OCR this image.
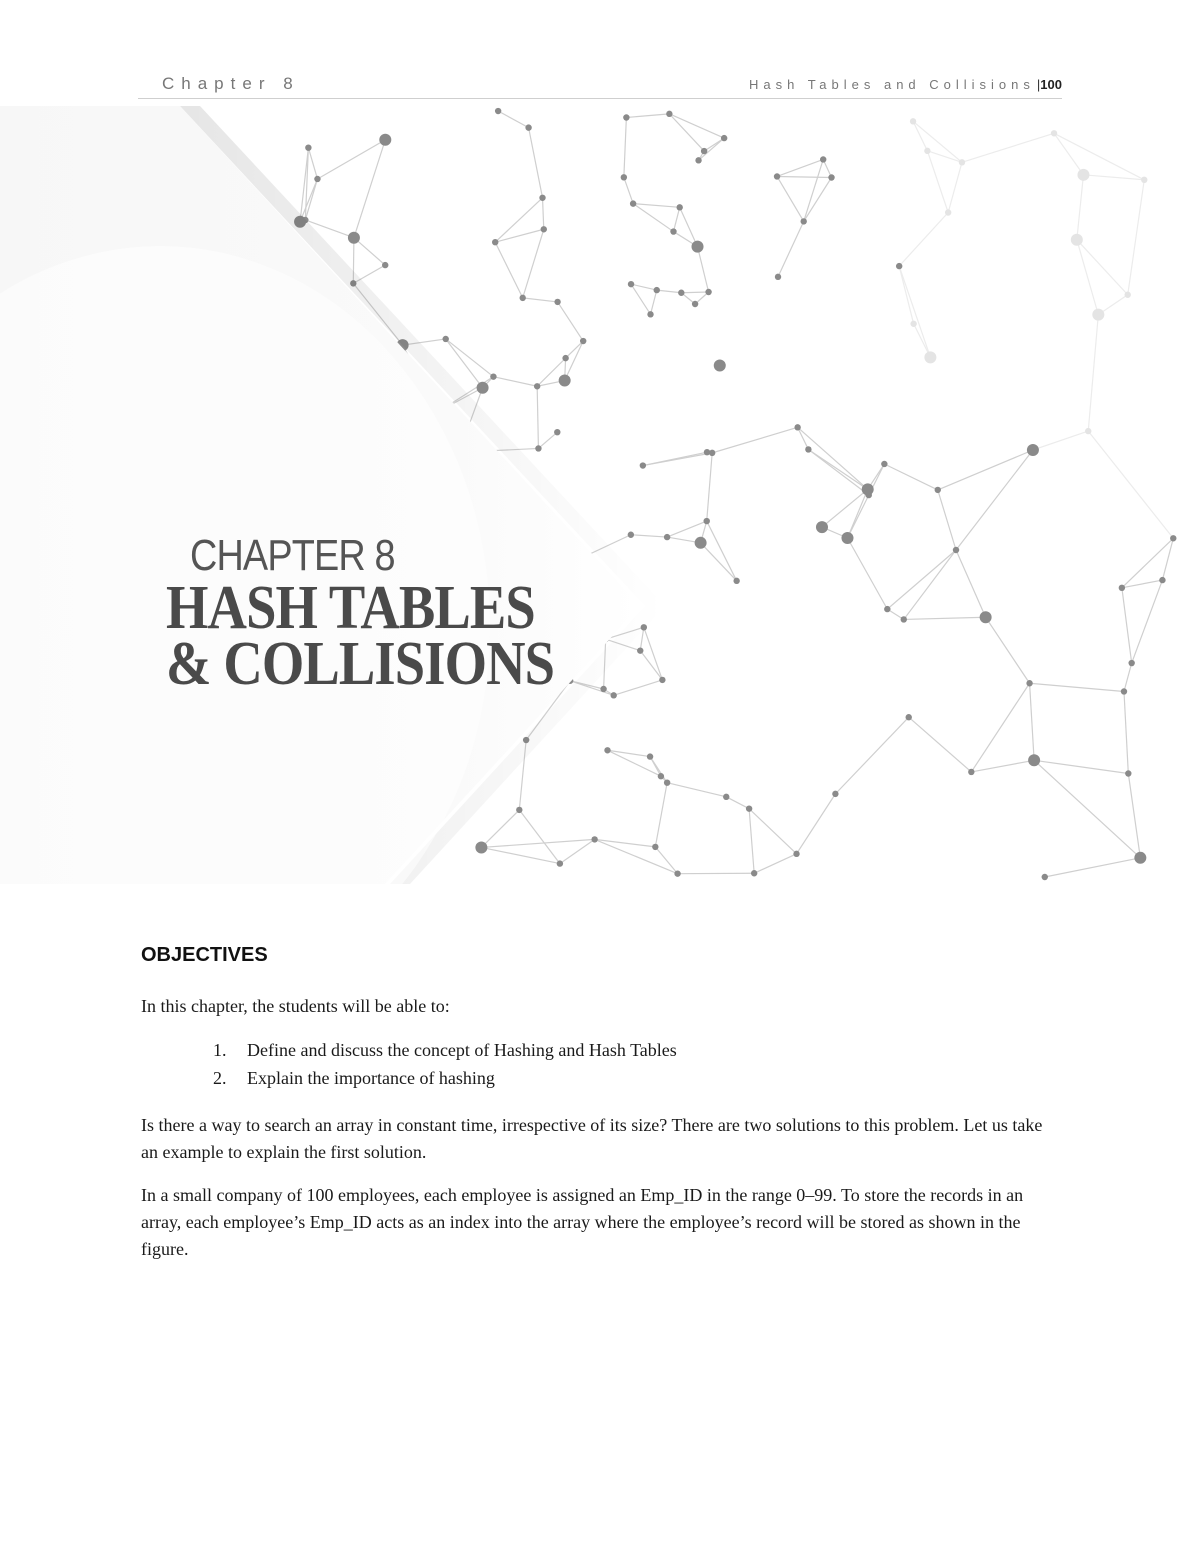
Chapter 8	Hash Tables and Collisions |100
CHAPTER 8
HASH TABLES
& COLLISIONS
OBJECTIVES

In this chapter, the students will be able to:

1. Define and discuss the concept of Hashing and Hash Tables
2. Explain the importance of hashing

Is there a way to search an array in constant time, irrespective of its size? There are two solutions to this problem. Let us take an example to explain the first solution.

In a small company of 100 employees, each employee is assigned an Emp_ID in the range 0–99. To store the records in an array, each employee’s Emp_ID acts as an index into the array where the employee’s record will be stored as shown in the figure.
